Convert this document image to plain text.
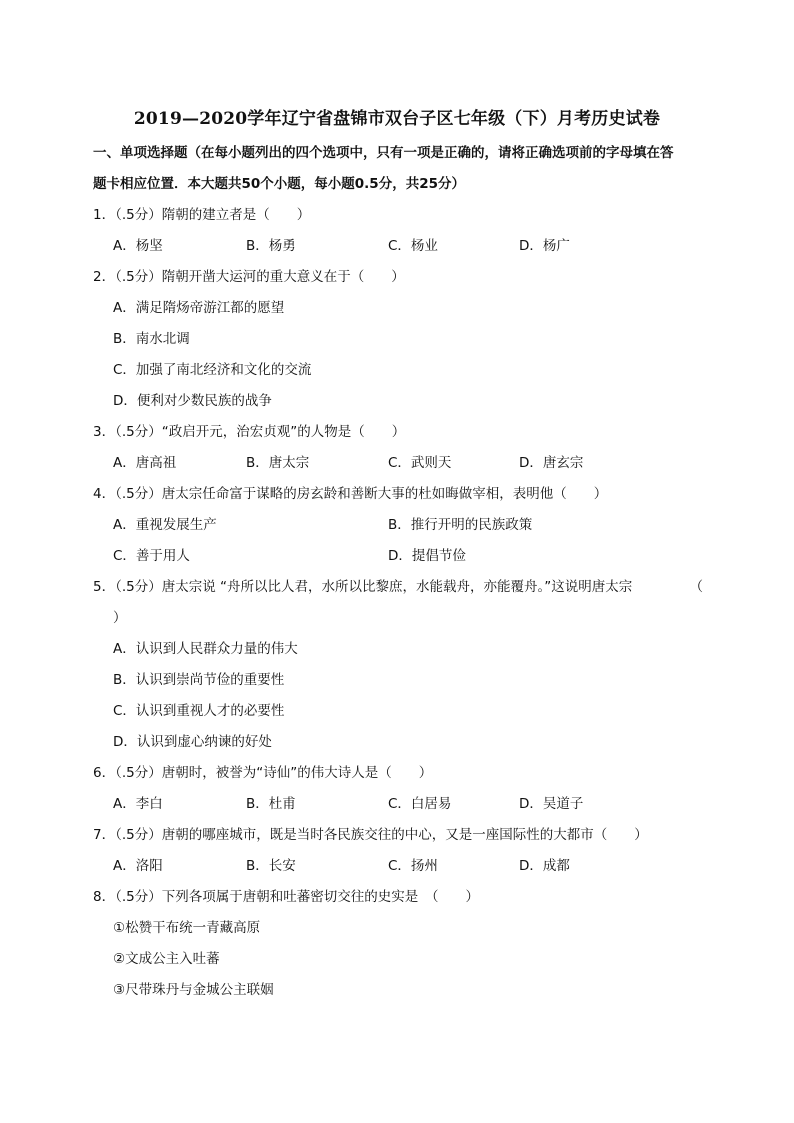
2019—2020学年辽宁省盘锦市双台子区七年级（下）月考历史试卷
一、单项选择题（在每小题列出的四个选项中，只有一项是正确的，请将正确选项前的字母填在答
题卡相应位置．本大题共50个小题，每小题0.5分，共25分）
1．（.5分）隋朝的建立者是（　　）
A．杨坚	B．杨勇	C．杨业	D．杨广
2．（.5分）隋朝开凿大运河的重大意义在于（　　）
A．满足隋炀帝游江都的愿望
B．南水北调
C．加强了南北经济和文化的交流
D．便利对少数民族的战争
3．（.5分）“政启开元，治宏贞观”的人物是（　　）
A．唐高祖	B．唐太宗	C．武则天	D．唐玄宗
4．（.5分）唐太宗任命富于谋略的房玄龄和善断大事的杜如晦做宰相，表明他（　　）
A．重视发展生产	B．推行开明的民族政策
C．善于用人	D．提倡节俭
5．（.5分）唐太宗说 “舟所以比人君，水所以比黎庶，水能载舟，亦能覆舟。”这说明唐太宗	（
）
A．认识到人民群众力量的伟大
B．认识到崇尚节俭的重要性
C．认识到重视人才的必要性
D．认识到虚心纳谏的好处
6．（.5分）唐朝时，被誉为“诗仙”的伟大诗人是（　　）
A．李白	B．杜甫	C．白居易	D．吴道子
7．（.5分）唐朝的哪座城市，既是当时各民族交往的中心，又是一座国际性的大都市（　　）
A．洛阳	B．长安	C．扬州	D．成都
8．（.5分）下列各项属于唐朝和吐蕃密切交往的史实是　（　　）
①松赞干布统一青藏高原
②文成公主入吐蕃
③尺带珠丹与金城公主联姻
